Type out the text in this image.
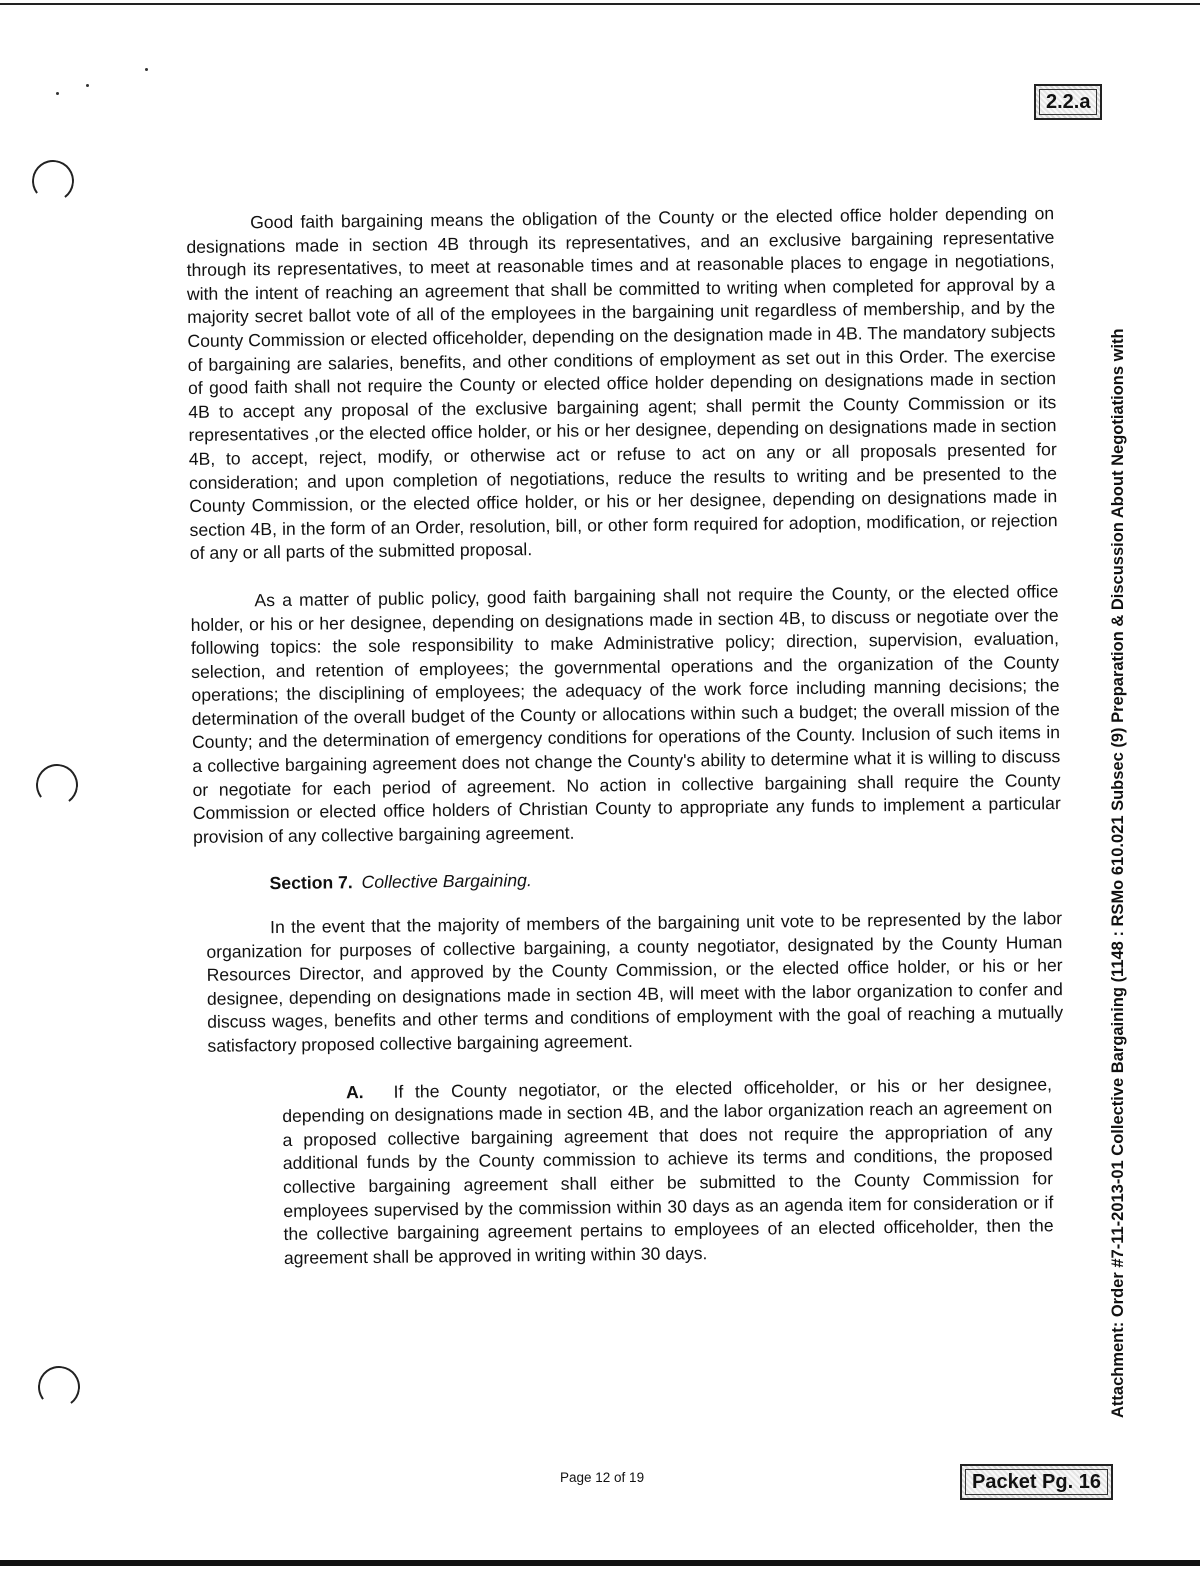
2.2.a
Attachment: Order #7-11-2013-01 Collective Bargaining (1148 : RSMo 610.021 Subsec (9) Preparation & Discussion About Negotiations with

Good faith bargaining means the obligation of the County or the elected office holder depending on designations made in section 4B through its representatives, and an exclusive bargaining representative through its representatives, to meet at reasonable times and at reasonable places to engage in negotiations, with the intent of reaching an agreement that shall be committed to writing when completed for approval by a majority secret ballot vote of all of the employees in the bargaining unit regardless of membership, and by the County Commission or elected officeholder, depending on the designation made in 4B. The mandatory subjects of bargaining are salaries, benefits, and other conditions of employment as set out in this Order. The exercise of good faith shall not require the County or elected office holder depending on designations made in section 4B to accept any proposal of the exclusive bargaining agent; shall permit the County Commission or its representatives ,or the elected office holder, or his or her designee, depending on designations made in section 4B, to accept, reject, modify, or otherwise act or refuse to act on any or all proposals presented for consideration; and upon completion of negotiations, reduce the results to writing and be presented to the County Commission, or the elected office holder, or his or her designee, depending on designations made in section 4B, in the form of an Order, resolution, bill, or other form required for adoption, modification, or rejection of any or all parts of the submitted proposal.

As a matter of public policy, good faith bargaining shall not require the County, or the elected office holder, or his or her designee, depending on designations made in section 4B, to discuss or negotiate over the following topics: the sole responsibility to make Administrative policy; direction, supervision, evaluation, selection, and retention of employees; the governmental operations and the organization of the County operations; the disciplining of employees; the adequacy of the work force including manning decisions; the determination of the overall budget of the County or allocations within such a budget; the overall mission of the County; and the determination of emergency conditions for operations of the County. Inclusion of such items in a collective bargaining agreement does not change the County's ability to determine what it is willing to discuss or negotiate for each period of agreement. No action in collective bargaining shall require the County Commission or elected office holders of Christian County to appropriate any funds to implement a particular provision of any collective bargaining agreement.

Section 7. Collective Bargaining.

In the event that the majority of members of the bargaining unit vote to be represented by the labor organization for purposes of collective bargaining, a county negotiator, designated by the County Human Resources Director, and approved by the County Commission, or the elected office holder, or his or her designee, depending on designations made in section 4B, will meet with the labor organization to confer and discuss wages, benefits and other terms and conditions of employment with the goal of reaching a mutually satisfactory proposed collective bargaining agreement.

A. If the County negotiator, or the elected officeholder, or his or her designee, depending on designations made in section 4B, and the labor organization reach an agreement on a proposed collective bargaining agreement that does not require the appropriation of any additional funds by the County commission to achieve its terms and conditions, the proposed collective bargaining agreement shall either be submitted to the County Commission for employees supervised by the commission within 30 days as an agenda item for consideration or if the collective bargaining agreement pertains to employees of an elected officeholder, then the agreement shall be approved in writing within 30 days.

Page 12 of 19	Packet Pg. 16
